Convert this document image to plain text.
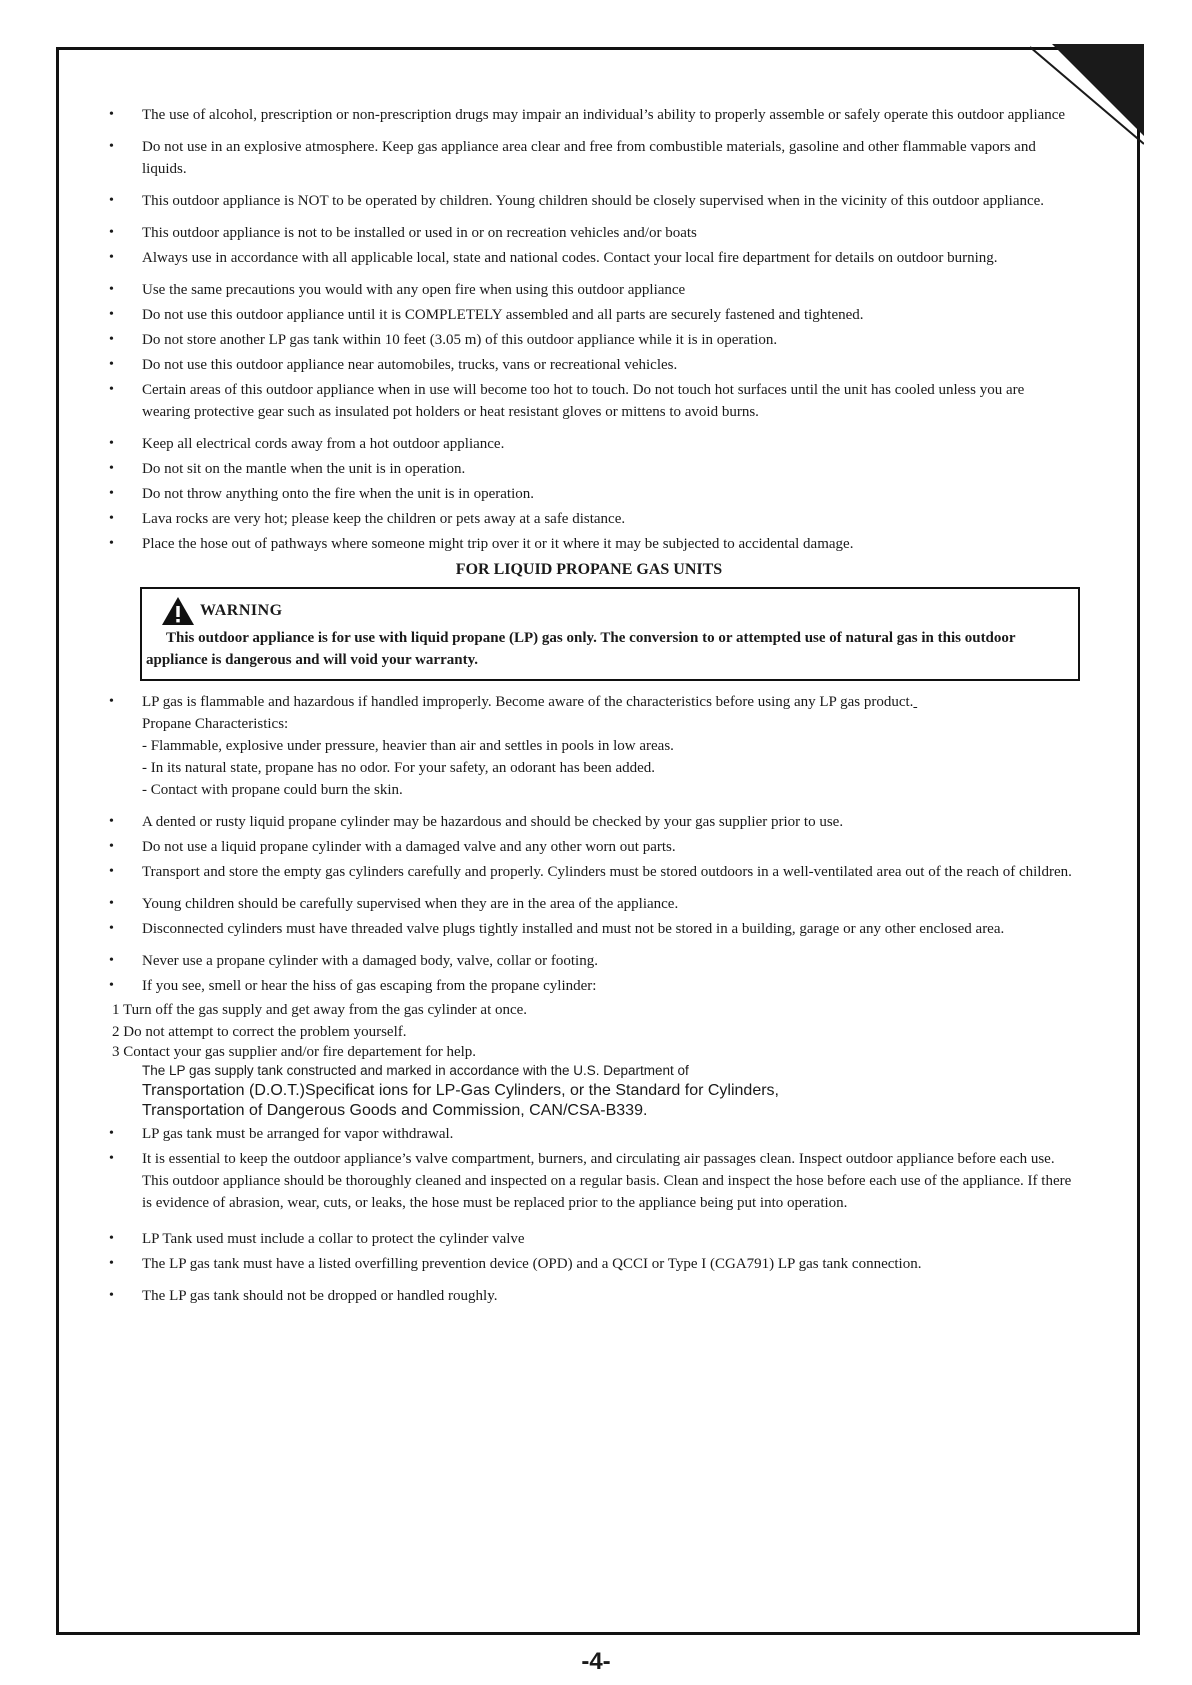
• The use of alcohol, prescription or non-prescription drugs may impair an individual’s ability to properly assemble or safely operate this outdoor appliance
• Do not use in an explosive atmosphere. Keep gas appliance area clear and free from combustible materials, gasoline and other flammable vapors and liquids.
• This outdoor appliance is NOT to be operated by children. Young children should be closely supervised when in the vicinity of this outdoor appliance.
• This outdoor appliance is not to be installed or used in or on recreation vehicles and/or boats
• Always use in accordance with all applicable local, state and national codes. Contact your local fire department for details on outdoor burning.
• Use the same precautions you would with any open fire when using this outdoor appliance
• Do not use this outdoor appliance until it is COMPLETELY assembled and all parts are securely fastened and tightened.
• Do not store another LP gas tank within 10 feet (3.05 m) of this outdoor appliance while it is in operation.
• Do not use this outdoor appliance near automobiles, trucks, vans or recreational vehicles.
• Certain areas of this outdoor appliance when in use will become too hot to touch. Do not touch hot surfaces until the unit has cooled unless you are wearing protective gear such as insulated pot holders or heat resistant gloves or mittens to avoid burns.
• Keep all electrical cords away from a hot outdoor appliance.
• Do not sit on the mantle when the unit is in operation.
• Do not throw anything onto the fire when the unit is in operation.
• Lava rocks are very hot; please keep the children or pets away at a safe distance.
• Place the hose out of pathways where someone might trip over it or it where it may be subjected to accidental damage.
FOR LIQUID PROPANE GAS UNITS
WARNING
This outdoor appliance is for use with liquid propane (LP) gas only. The conversion to or attempted use of natural gas in this outdoor appliance is dangerous and will void your warranty.
• LP gas is flammable and hazardous if handled improperly. Become aware of the characteristics before using any LP gas product.
Propane Characteristics:
- Flammable, explosive under pressure, heavier than air and settles in pools in low areas.
- In its natural state, propane has no odor. For your safety, an odorant has been added.
- Contact with propane could burn the skin.
• A dented or rusty liquid propane cylinder may be hazardous and should be checked by your gas supplier prior to use.
• Do not use a liquid propane cylinder with a damaged valve and any other worn out parts.
• Transport and store the empty gas cylinders carefully and properly. Cylinders must be stored outdoors in a well-ventilated area out of the reach of children.
• Young children should be carefully supervised when they are in the area of the appliance.
• Disconnected cylinders must have threaded valve plugs tightly installed and must not be stored in a building, garage or any other enclosed area.
• Never use a propane cylinder with a damaged body, valve, collar or footing.
• If you see, smell or hear the hiss of gas escaping from the propane cylinder:
1 Turn off the gas supply and get away from the gas cylinder at once.
2 Do not attempt to correct the problem yourself.
3 Contact your gas supplier and/or fire departement for help.
The LP gas supply tank constructed and marked in accordance with the U.S. Department of
Transportation (D.O.T.)Specificat ions for LP-Gas Cylinders, or the Standard for Cylinders,
Transportation of Dangerous Goods and Commission, CAN/CSA-B339.
• LP gas tank must be arranged for vapor withdrawal.
• It is essential to keep the outdoor appliance’s valve compartment, burners, and circulating air passages clean. Inspect outdoor appliance before each use. This outdoor appliance should be thoroughly cleaned and inspected on a regular basis. Clean and inspect the hose before each use of the appliance. If there is evidence of abrasion, wear, cuts, or leaks, the hose must be replaced prior to the appliance being put into operation.
• LP Tank used must include a collar to protect the cylinder valve
• The LP gas tank must have a listed overfilling prevention device (OPD) and a QCCI or Type I (CGA791) LP gas tank connection.
• The LP gas tank should not be dropped or handled roughly.
-4-
